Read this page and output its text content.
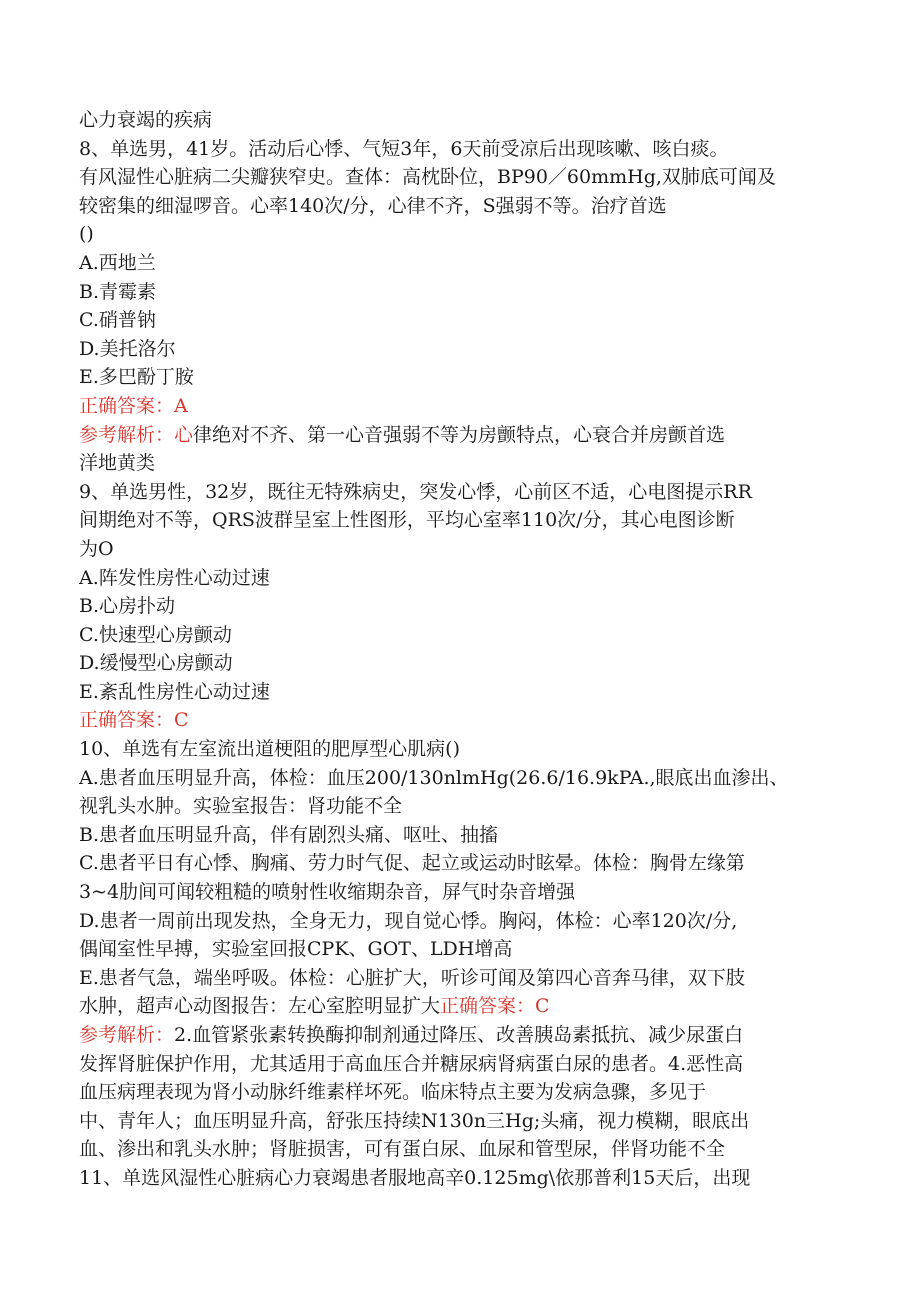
心力衰竭的疾病
8、单选男，41岁。活动后心悸、气短3年，6天前受凉后出现咳嗽、咳白痰。
有风湿性心脏病二尖瓣狭窄史。查体：高枕卧位，BP90／60mmHg,双肺底可闻及
较密集的细湿啰音。心率140次/分，心律不齐，S强弱不等。治疗首选
()
A.西地兰
B.青霉素
C.硝普钠
D.美托洛尔
E.多巴酚丁胺
正确答案：A
参考解析：心律绝对不齐、第一心音强弱不等为房颤特点，心衰合并房颤首选
洋地黄类
9、单选男性，32岁，既往无特殊病史，突发心悸，心前区不适，心电图提示RR
间期绝对不等，QRS波群呈室上性图形，平均心室率110次/分，其心电图诊断
为O
A.阵发性房性心动过速
B.心房扑动
C.快速型心房颤动
D.缓慢型心房颤动
E.紊乱性房性心动过速
正确答案：C
10、单选有左室流出道梗阻的肥厚型心肌病()
A.患者血压明显升高，体检：血压200/130nlmHg(26.6/16.9kPA.,眼底出血渗出、
视乳头水肿。实验室报告：肾功能不全
B.患者血压明显升高，伴有剧烈头痛、呕吐、抽搐
C.患者平日有心悸、胸痛、劳力时气促、起立或运动时眩晕。体检：胸骨左缘第
3~4肋间可闻较粗糙的喷射性收缩期杂音，屏气时杂音增强
D.患者一周前出现发热，全身无力，现自觉心悸。胸闷，体检：心率120次/分,
偶闻室性早搏，实验室回报CPK、GOT、LDH增高
E.患者气急，端坐呼吸。体检：心脏扩大，听诊可闻及第四心音奔马律，双下肢
水肿，超声心动图报告：左心室腔明显扩大正确答案：C
参考解析：2.血管紧张素转换酶抑制剂通过降压、改善胰岛素抵抗、减少尿蛋白
发挥肾脏保护作用，尤其适用于高血压合并糖尿病肾病蛋白尿的患者。4.恶性高
血压病理表现为肾小动脉纤维素样坏死。临床特点主要为发病急骤，多见于
中、青年人；血压明显升高，舒张压持续N130n三Hg;头痛，视力模糊，眼底出
血、渗出和乳头水肿；肾脏损害，可有蛋白尿、血尿和管型尿，伴肾功能不全
11、单选风湿性心脏病心力衰竭患者服地高辛0.125mg\依那普利15天后，出现
